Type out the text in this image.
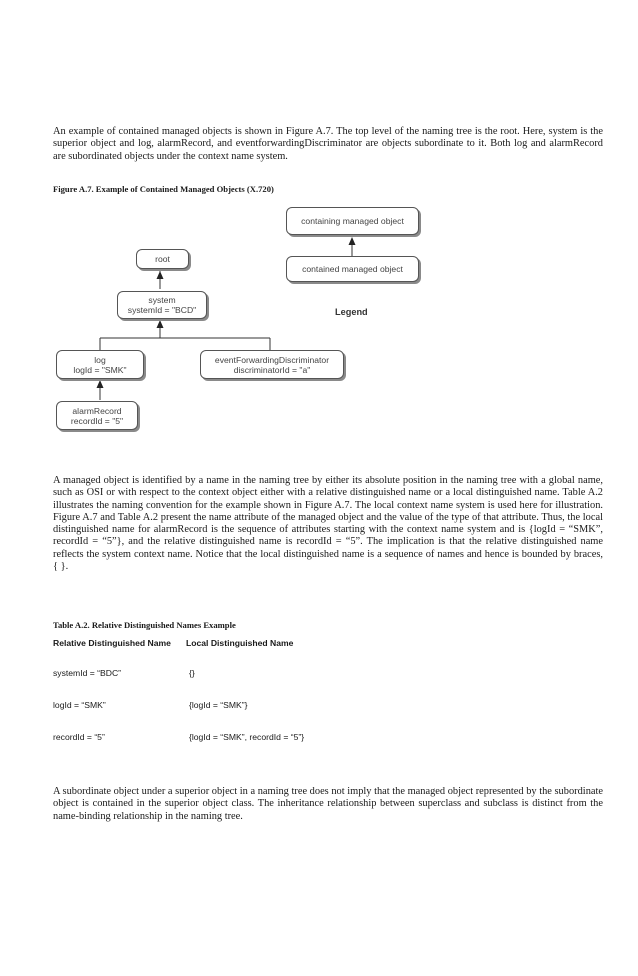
An example of contained managed objects is shown in Figure A.7. The top level of the naming tree is the root. Here, system is the superior object and log, alarmRecord, and eventforwardingDiscriminator are objects subordinate to it. Both log and alarmRecord are subordinated objects under the context name system.

Figure A.7. Example of Contained Managed Objects (X.720)
containing managed object
contained managed object
Legend
root
system
systemId = "BCD"
log
logId = "SMK"
eventForwardingDiscriminator
discriminatorId = "a"
alarmRecord
recordId = "5"

A managed object is identified by a name in the naming tree by either its absolute position in the naming tree with a global name, such as OSI or with respect to the context object either with a relative distinguished name or a local distinguished name. Table A.2 illustrates the naming convention for the example shown in Figure A.7. The local context name system is used here for illustration. Figure A.7 and Table A.2 present the name attribute of the managed object and the value of the type of that attribute. Thus, the local distinguished name for alarmRecord is the sequence of attributes starting with the context name system and is {logId = “SMK”, recordId = “5”}, and the relative distinguished name is recordId = “5”. The implication is that the relative distinguished name reflects the system context name. Notice that the local distinguished name is a sequence of names and hence is bounded by braces, { }.

Table A.2. Relative Distinguished Names Example
Relative Distinguished Name Local Distinguished Name
systemId = “BDC”	{}
logId = “SMK”	{logId = “SMK”}
recordId = “5”	{logId = “SMK”, recordId = “5”}

A subordinate object under a superior object in a naming tree does not imply that the managed object represented by the subordinate object is contained in the superior object class. The inheritance relationship between superclass and subclass is distinct from the name-binding relationship in the naming tree.
